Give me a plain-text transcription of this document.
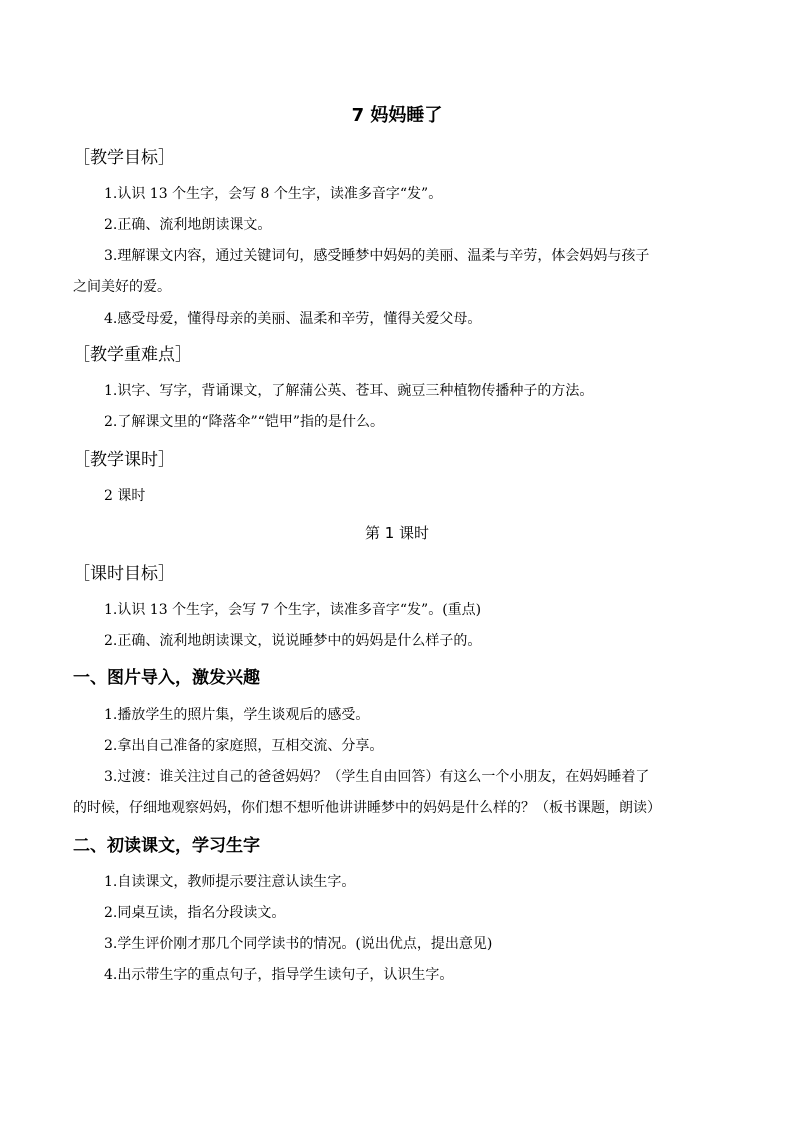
7 妈妈睡了
［教学目标］
1.认识 13 个生字，会写 8 个生字，读准多音字“发”。
2.正确、流利地朗读课文。
3.理解课文内容，通过关键词句，感受睡梦中妈妈的美丽、温柔与辛劳，体会妈妈与孩子
之间美好的爱。
4.感受母爱，懂得母亲的美丽、温柔和辛劳，懂得关爱父母。
［教学重难点］
1.识字、写字，背诵课文，了解蒲公英、苍耳、豌豆三种植物传播种子的方法。
2.了解课文里的“降落伞”“铠甲”指的是什么。
［教学课时］
2 课时
第 1 课时
［课时目标］
1.认识 13 个生字，会写 7 个生字，读准多音字“发”。(重点)
2.正确、流利地朗读课文，说说睡梦中的妈妈是什么样子的。
一、图片导入，激发兴趣
1.播放学生的照片集，学生谈观后的感受。
2.拿出自己准备的家庭照，互相交流、分享。
3.过渡：谁关注过自己的爸爸妈妈？（学生自由回答）有这么一个小朋友，在妈妈睡着了
的时候，仔细地观察妈妈，你们想不想听他讲讲睡梦中的妈妈是什么样的？（板书课题，朗读）
二、初读课文，学习生字
1.自读课文，教师提示要注意认读生字。
2.同桌互读，指名分段读文。
3.学生评价刚才那几个同学读书的情况。(说出优点，提出意见)
4.出示带生字的重点句子，指导学生读句子，认识生字。
